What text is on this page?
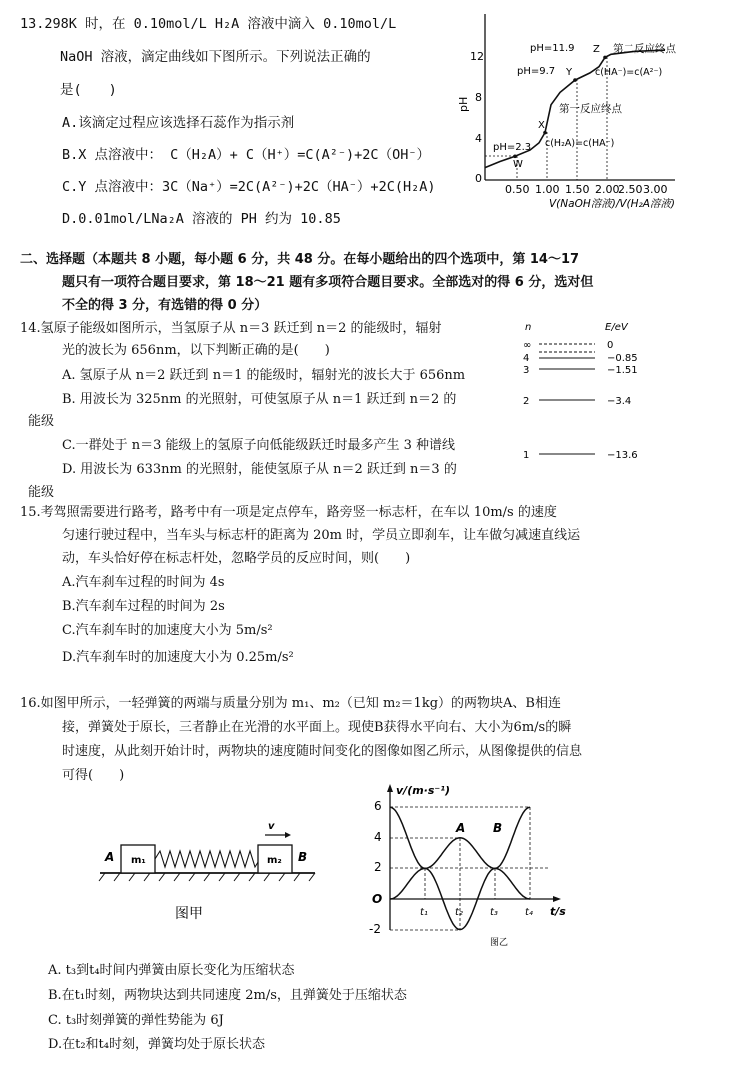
13.298K 时，在 0.10mol/L H₂A 溶液中滴入 0.10mol/L
NaOH 溶液，滴定曲线如下图所示。下列说法正确的
是(　　)
A.该滴定过程应该选择石蕊作为指示剂
B.X 点溶液中： C（H₂A）+ C（H⁺）=C(A²⁻)+2C（OH⁻）
C.Y 点溶液中：3C（Na⁺）=2C(A²⁻)+2C（HA⁻）+2C(H₂A)
D.0.01mol/LNa₂A 溶液的 PH 约为 10.85
pH
12
8
4
0
0.50 1.00 1.50 2.00
2.50 3.00
V(NaOH溶液)/V(H₂A溶液)
W
pH=2.3 c(H₂A)=c(HA⁻)
X
第一反应终点
Y
pH=9.7	c(HA⁻)=c(A²⁻)
Z
pH=11.9	第二反应终点
二、选择题（本题共 8 小题，每小题 6 分，共 48 分。在每小题给出的四个选项中，第 14～17
题只有一项符合题目要求，第 18～21 题有多项符合题目要求。全部选对的得 6 分，选对但
不全的得 3 分，有选错的得 0 分）
14.氢原子能级如图所示，当氢原子从 n＝3 跃迁到 n＝2 的能级时，辐射
光的波长为 656nm，以下判断正确的是(　　)
A. 氢原子从 n＝2 跃迁到 n＝1 的能级时，辐射光的波长大于 656nm
B. 用波长为 325nm 的光照射，可使氢原子从 n＝1 跃迁到 n＝2 的
能级
C.一群处于 n＝3 能级上的氢原子向低能级跃迁时最多产生 3 种谱线
D. 用波长为 633nm 的光照射，能使氢原子从 n＝2 跃迁到 n＝3 的
能级
n	E/eV
∞	0
4	−0.85
3	−1.51
2	−3.4
1	−13.6
15.考驾照需要进行路考，路考中有一项是定点停车，路旁竖一标志杆，在车以 10m/s 的速度
匀速行驶过程中，当车头与标志杆的距离为 20m 时，学员立即刹车，让车做匀减速直线运
动，车头恰好停在标志杆处，忽略学员的反应时间，则(　　)
A.汽车刹车过程的时间为 4s
B.汽车刹车过程的时间为 2s
C.汽车刹车时的加速度大小为 5m/s²
D.汽车刹车时的加速度大小为 0.25m/s²
16.如图甲所示，一轻弹簧的两端与质量分别为 m₁、m₂（已知 m₂＝1kg）的两物块A、B相连
接，弹簧处于原长，三者静止在光滑的水平面上。现使B获得水平向右、大小为6m/s的瞬
时速度，从此刻开始计时，两物块的速度随时间变化的图像如图乙所示，从图像提供的信息
可得(　　)
m₁	m₂
A	B
v
图甲
v/(m·s⁻¹)
t/s
6
4
2
O
-2
A B
t₁	t₂	t₃	t₄
图乙
A. t₃到t₄时间内弹簧由原长变化为压缩状态
B.在t₁时刻，两物块达到共同速度 2m/s，且弹簧处于压缩状态
C. t₃时刻弹簧的弹性势能为 6J
D.在t₂和t₄时刻，弹簧均处于原长状态
